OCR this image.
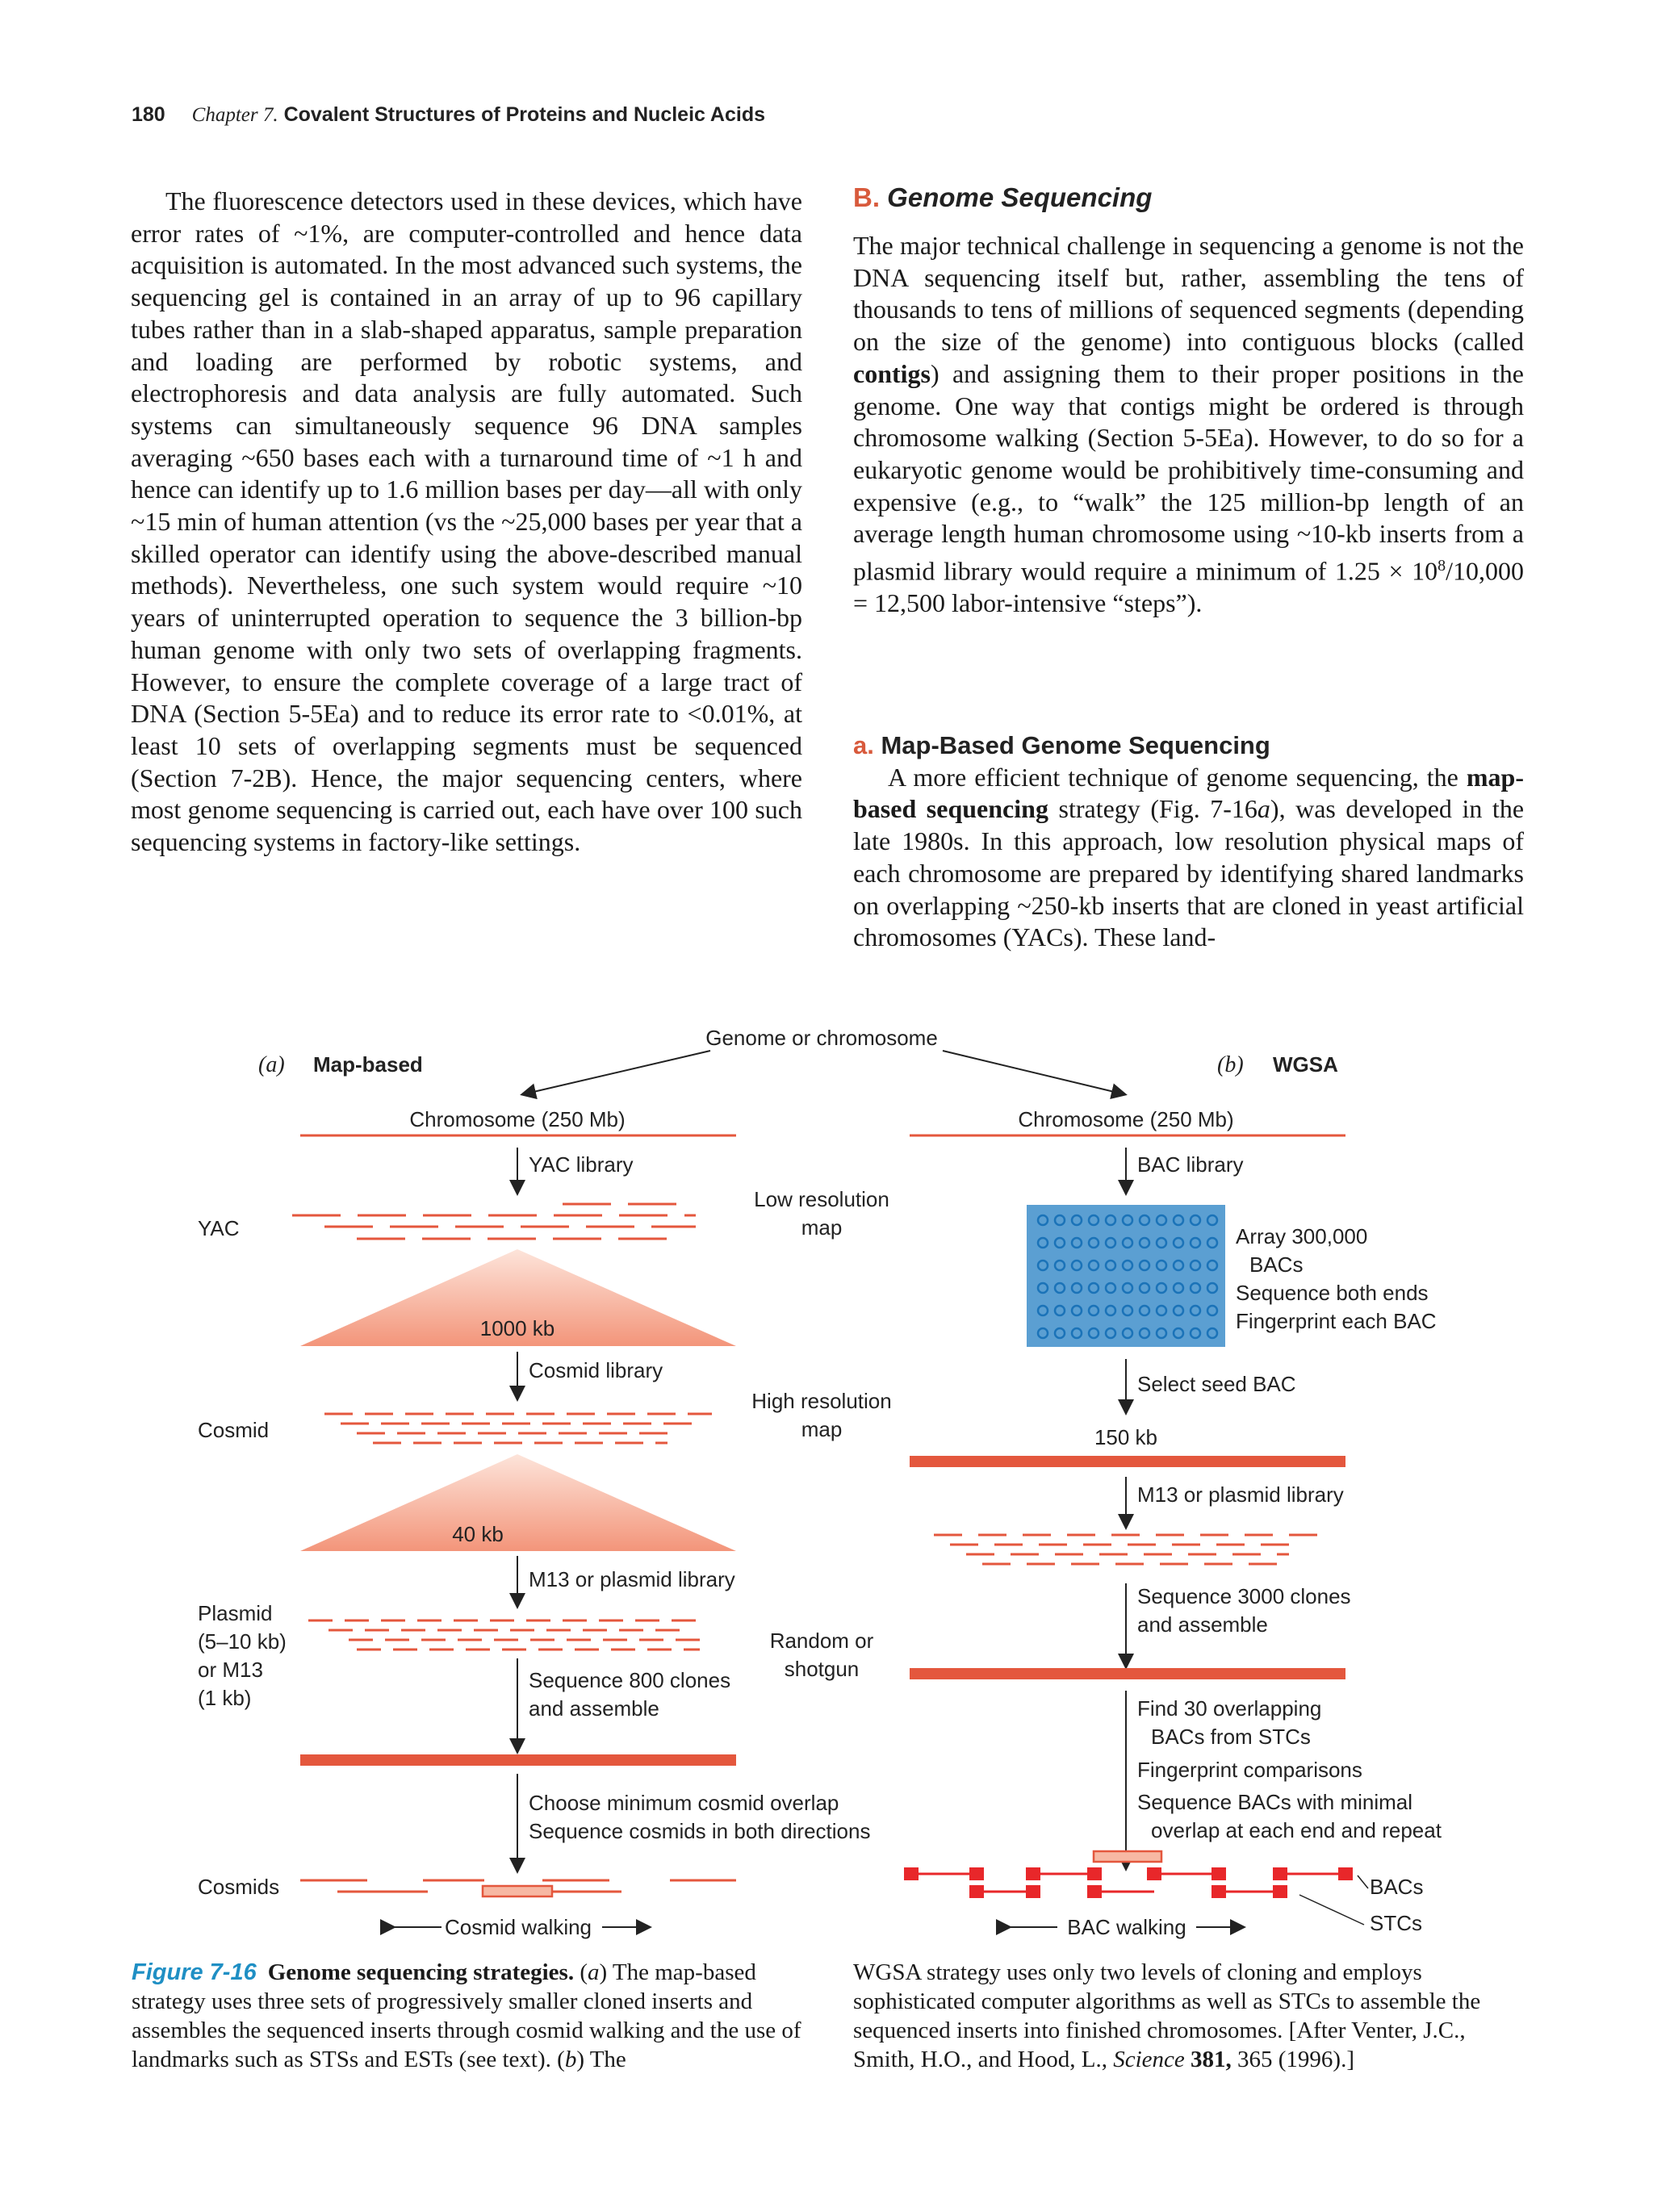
180 Chapter 7. Covalent Structures of Proteins and Nucleic Acids

The fluorescence detectors used in these devices, which have error rates of ~1%, are computer-controlled and hence data acquisition is automated. In the most advanced such systems, the sequencing gel is contained in an array of up to 96 capillary tubes rather than in a slab-shaped apparatus, sample preparation and loading are performed by robotic systems, and electrophoresis and data analysis are fully automated. Such systems can simultaneously sequence 96 DNA samples averaging ~650 bases each with a turnaround time of ~1 h and hence can identify up to 1.6 million bases per day—all with only ~15 min of human attention (vs the ~25,000 bases per year that a skilled operator can identify using the above-described manual methods). Nevertheless, one such system would require ~10 years of uninterrupted operation to sequence the 3 billion-bp human genome with only two sets of overlapping fragments. However, to ensure the complete coverage of a large tract of DNA (Section 5-5Ea) and to reduce its error rate to <0.01%, at least 10 sets of overlapping segments must be sequenced (Section 7-2B). Hence, the major sequencing centers, where most genome sequencing is carried out, each have over 100 such sequencing systems in factory-like settings.

B. Genome Sequencing

The major technical challenge in sequencing a genome is not the DNA sequencing itself but, rather, assembling the tens of thousands to tens of millions of sequenced segments (depending on the size of the genome) into contiguous blocks (called contigs) and assigning them to their proper positions in the genome. One way that contigs might be ordered is through chromosome walking (Section 5-5Ea). However, to do so for a eukaryotic genome would be prohibitively time-consuming and expensive (e.g., to “walk” the 125 million-bp length of an average length human chromosome using ~10-kb inserts from a plasmid library would require a minimum of $1.25 \times 10^8/10,000 = 12,500$ labor-intensive “steps”).

a. Map-Based Genome Sequencing

A more efficient technique of genome sequencing, the map-based sequencing strategy (Fig. 7-16a), was developed in the late 1980s. In this approach, low resolution physical maps of each chromosome are prepared by identifying shared landmarks on overlapping ~250-kb inserts that are cloned in yeast artificial chromosomes (YACs). These land-

Genome or chromosome
(a) Map-based	(b) WGSA
Chromosome (250 Mb)
YAC library
YAC
1000 kb
Cosmid library
Low resolution
map
Cosmid
High resolution
map
40 kb
M13 or plasmid library
Plasmid
(5–10 kb)
or M13
(1 kb)
Random or
shotgun
Sequence 800 clones
and assemble
Choose minimum cosmid overlap
Sequence cosmids in both directions
Cosmids
Cosmid walking
Chromosome (250 Mb)
BAC library
Array 300,000
BACs
Sequence both ends
Fingerprint each BAC
Select seed BAC
150 kb
M13 or plasmid library
Sequence 3000 clones
and assemble
Find 30 overlapping
BACs from STCs
Fingerprint comparisons
Sequence BACs with minimal
overlap at each end and repeat
BACs
STCs
BAC walking
Figure 7-16 Genome sequencing strategies. (a) The map-based strategy uses three sets of progressively smaller cloned inserts and assembles the sequenced inserts through cosmid walking and the use of landmarks such as STSs and ESTs (see text). (b) The
WGSA strategy uses only two levels of cloning and employs sophisticated computer algorithms as well as STCs to assemble the sequenced inserts into finished chromosomes. [After Venter, J.C., Smith, H.O., and Hood, L., Science 381, 365 (1996).]
